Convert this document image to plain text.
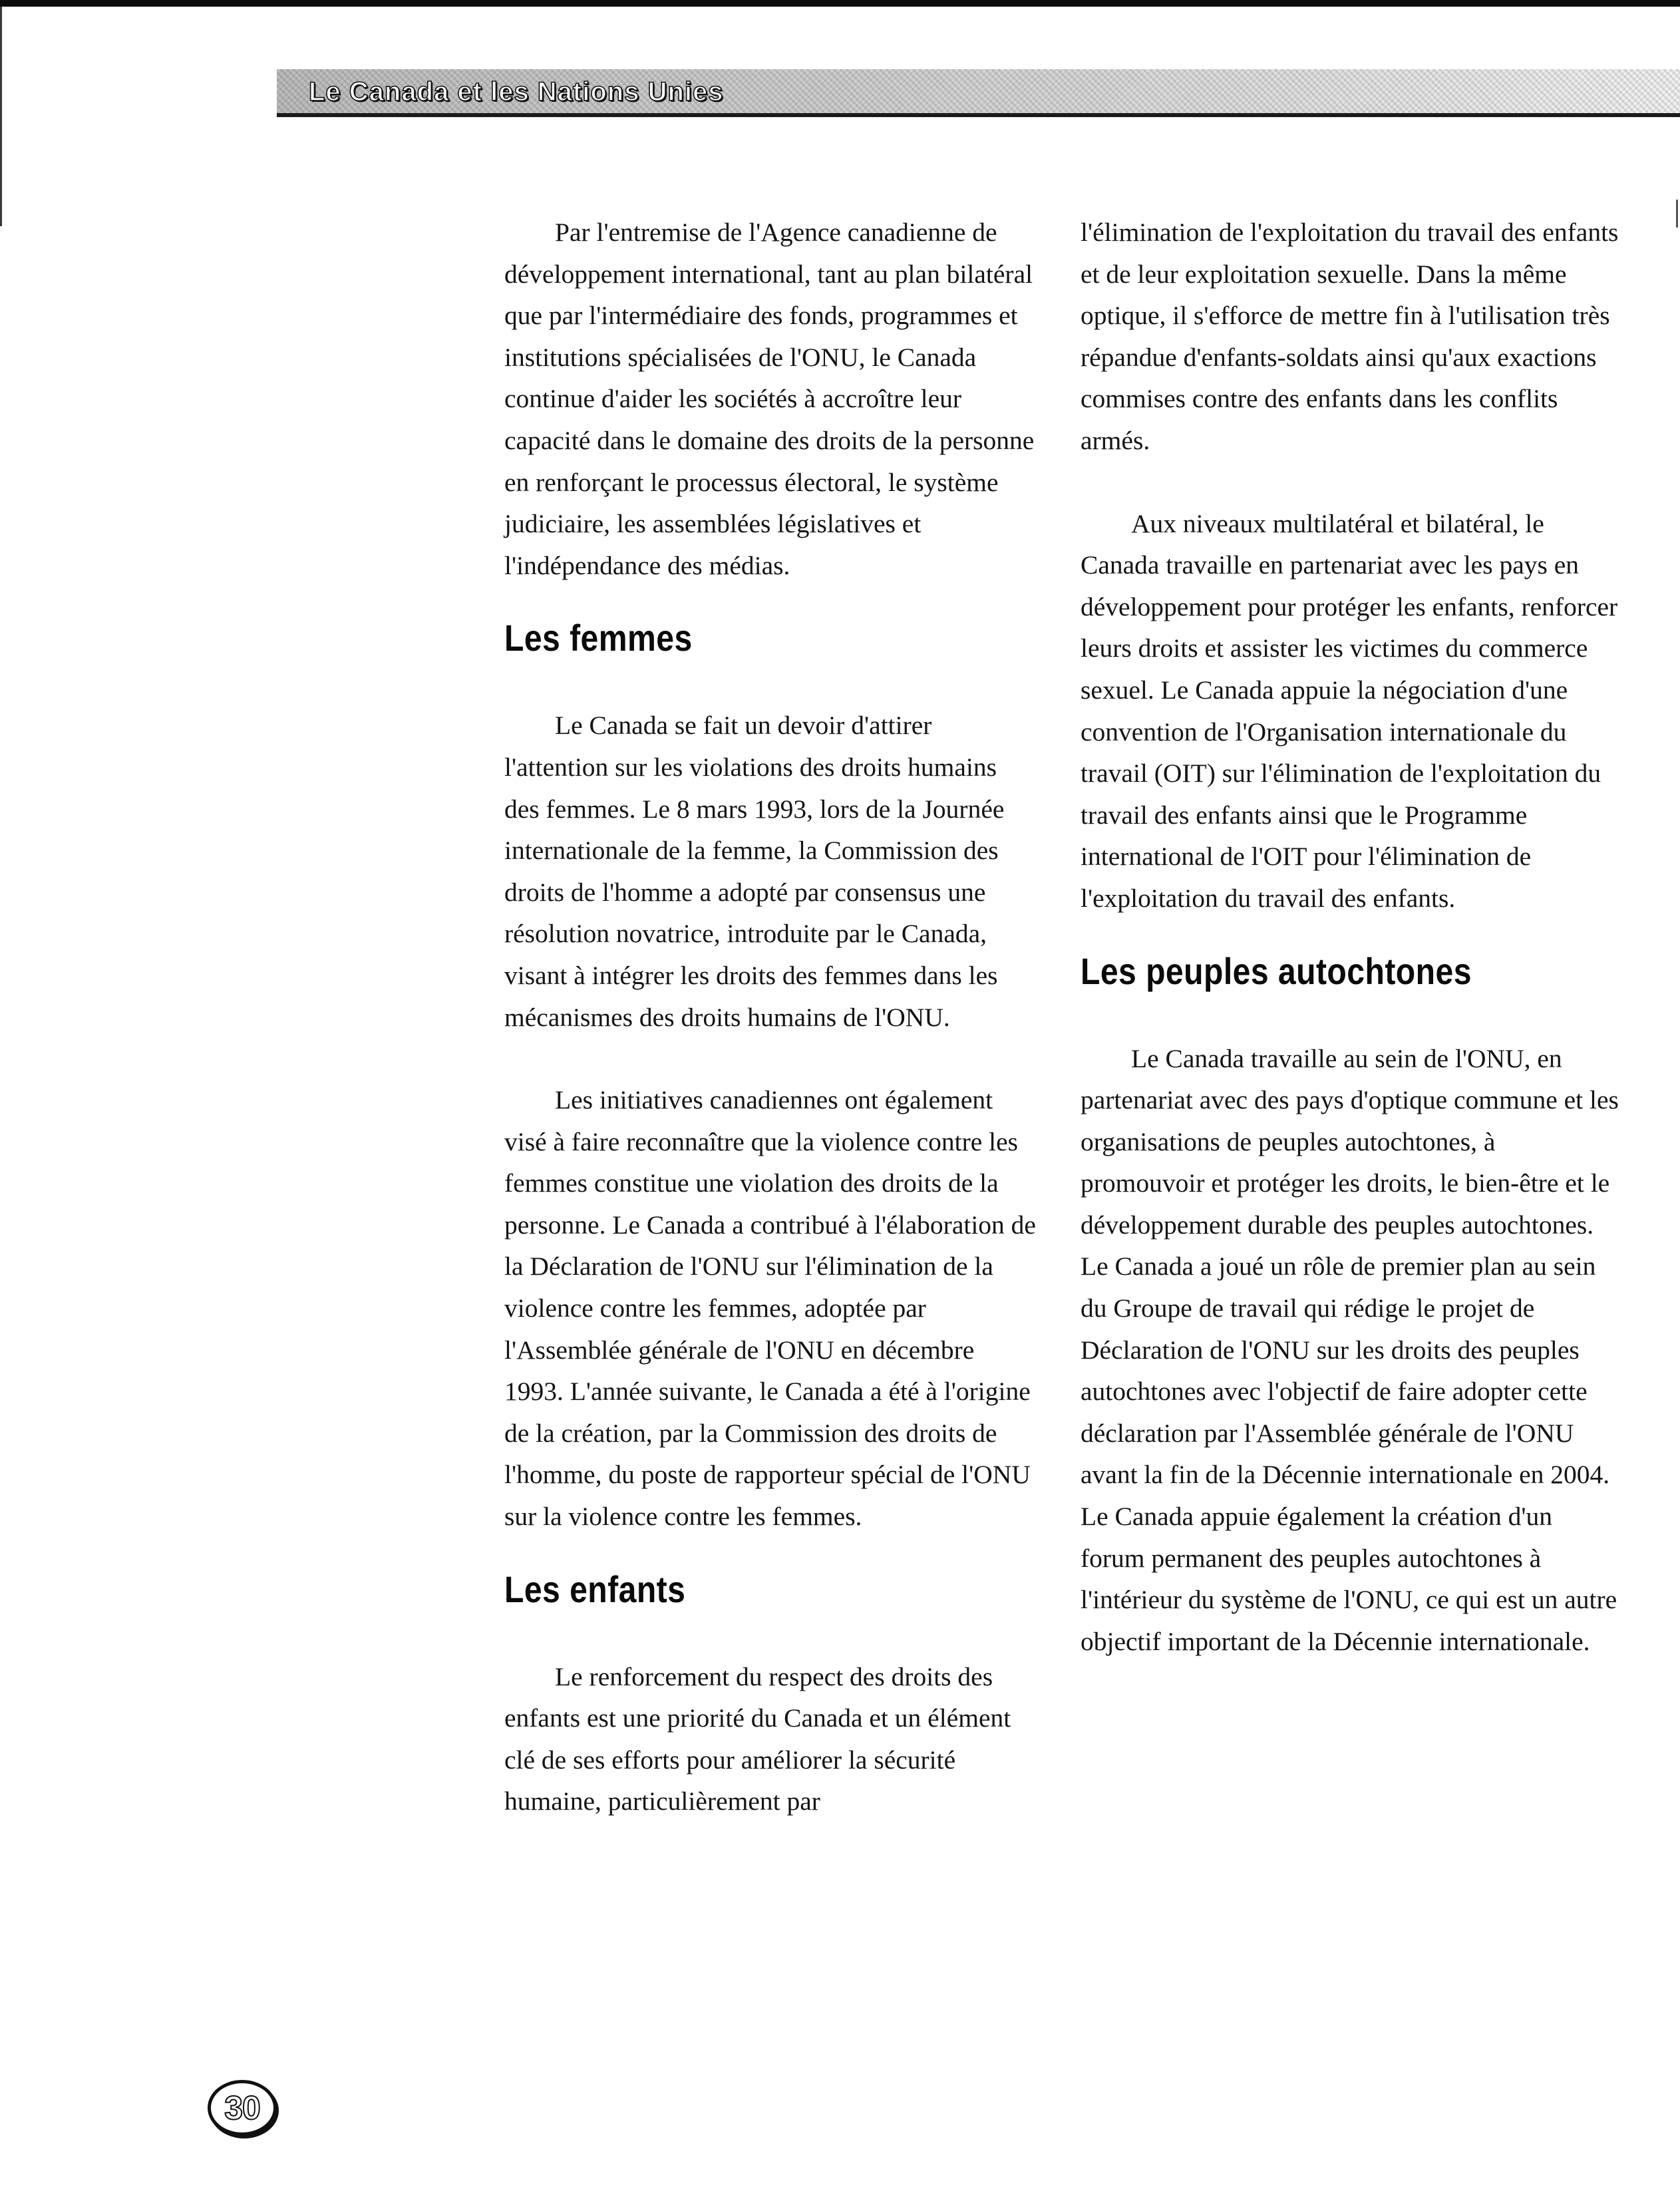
Le Canada et les Nations Unies

Par l'entremise de l'Agence canadienne de développement international, tant au plan bilatéral que par l'intermédiaire des fonds, programmes et institutions spécialisées de l'ONU, le Canada continue d'aider les sociétés à accroître leur capacité dans le domaine des droits de la personne en renforçant le processus électoral, le système judiciaire, les assemblées législatives et l'indépendance des médias.

Les femmes

Le Canada se fait un devoir d'attirer l'attention sur les violations des droits humains des femmes. Le 8 mars 1993, lors de la Journée internationale de la femme, la Commission des droits de l'homme a adopté par consensus une résolution novatrice, introduite par le Canada, visant à intégrer les droits des femmes dans les mécanismes des droits humains de l'ONU.

Les initiatives canadiennes ont également visé à faire reconnaître que la violence contre les femmes constitue une violation des droits de la personne. Le Canada a contribué à l'élaboration de la Déclaration de l'ONU sur l'élimination de la violence contre les femmes, adoptée par l'Assemblée générale de l'ONU en décembre 1993. L'année suivante, le Canada a été à l'origine de la création, par la Commission des droits de l'homme, du poste de rapporteur spécial de l'ONU sur la violence contre les femmes.

Les enfants

Le renforcement du respect des droits des enfants est une priorité du Canada et un élément clé de ses efforts pour améliorer la sécurité humaine, particulièrement par

l'élimination de l'exploitation du travail des enfants et de leur exploitation sexuelle. Dans la même optique, il s'efforce de mettre fin à l'utilisation très répandue d'enfants-soldats ainsi qu'aux exactions commises contre des enfants dans les conflits armés.

Aux niveaux multilatéral et bilatéral, le Canada travaille en partenariat avec les pays en développement pour protéger les enfants, renforcer leurs droits et assister les victimes du commerce sexuel. Le Canada appuie la négociation d'une convention de l'Organisation internationale du travail (OIT) sur l'élimination de l'exploitation du travail des enfants ainsi que le Programme international de l'OIT pour l'élimination de l'exploitation du travail des enfants.

Les peuples autochtones

Le Canada travaille au sein de l'ONU, en partenariat avec des pays d'optique commune et les organisations de peuples autochtones, à promouvoir et protéger les droits, le bien-être et le développement durable des peuples autochtones. Le Canada a joué un rôle de premier plan au sein du Groupe de travail qui rédige le projet de Déclaration de l'ONU sur les droits des peuples autochtones avec l'objectif de faire adopter cette déclaration par l'Assemblée générale de l'ONU avant la fin de la Décennie internationale en 2004. Le Canada appuie également la création d'un forum permanent des peuples autochtones à l'intérieur du système de l'ONU, ce qui est un autre objectif important de la Décennie internationale.

30
